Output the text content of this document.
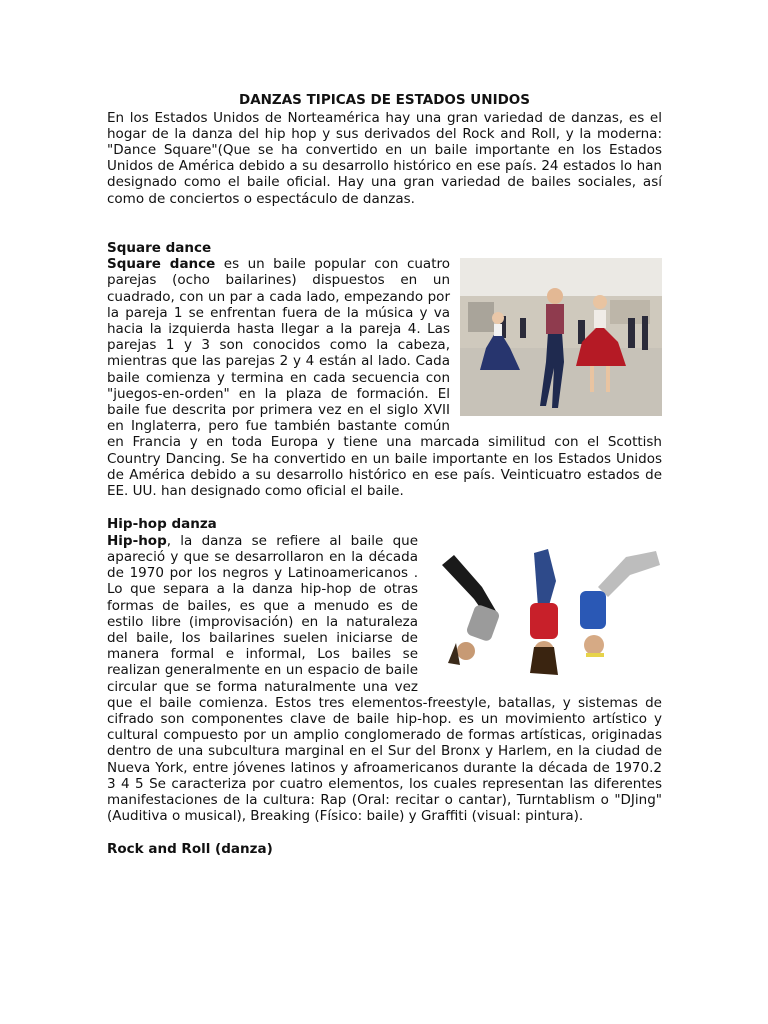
DANZAS TIPICAS DE ESTADOS UNIDOS

En los Estados Unidos de Norteamérica hay una gran variedad de danzas, es el hogar de la danza del hip hop y sus derivados del Rock and Roll, y la moderna: "Dance Square"(Que se ha convertido en un baile importante en los Estados Unidos de América debido a su desarrollo histórico en ese país. 24 estados lo han designado como el baile oficial. Hay una gran variedad de bailes sociales, así como de conciertos o espectáculo de danzas.

Square dance

Square dance es un baile popular con cuatro parejas (ocho bailarines) dispuestos en un cuadrado, con un par a cada lado, empezando por la pareja 1 se enfrentan fuera de la música y va hacia la izquierda hasta llegar a la pareja 4. Las parejas 1 y 3 son conocidos como la cabeza, mientras que las parejas 2 y 4 están al lado. Cada baile comienza y termina en cada secuencia con "juegos-en-orden" en la plaza de formación. El baile fue descrita por primera vez en el siglo XVII en Inglaterra, pero fue también bastante común en Francia y en toda Europa y tiene una marcada similitud con el Scottish Country Dancing. Se ha convertido en un baile importante en los Estados Unidos de América debido a su desarrollo histórico en ese país. Veinticuatro estados de EE. UU. han designado como oficial el baile.

Hip-hop danza

Hip-hop, la danza se refiere al baile que apareció y que se desarrollaron en la década de 1970 por los negros y Latinoamericanos . Lo que separa a la danza hip-hop de otras formas de bailes, es que a menudo es de estilo libre (improvisación) en la naturaleza del baile, los bailarines suelen iniciarse de manera formal e informal, Los bailes se realizan generalmente en un espacio de baile circular que se forma naturalmente una vez que el baile comienza. Estos tres elementos-freestyle, batallas, y sistemas de cifrado son componentes clave de baile hip-hop. es un movimiento artístico y cultural compuesto por un amplio conglomerado de formas artísticas, originadas dentro de una subcultura marginal en el Sur del Bronx y Harlem, en la ciudad de Nueva York, entre jóvenes latinos y afroamericanos durante la década de 1970.2 3 4 5 Se caracteriza por cuatro elementos, los cuales representan las diferentes manifestaciones de la cultura: Rap (Oral: recitar o cantar), Turntablism o "DJing" (Auditiva o musical), Breaking (Físico: baile) y Graffiti (visual: pintura).

Rock and Roll (danza)
